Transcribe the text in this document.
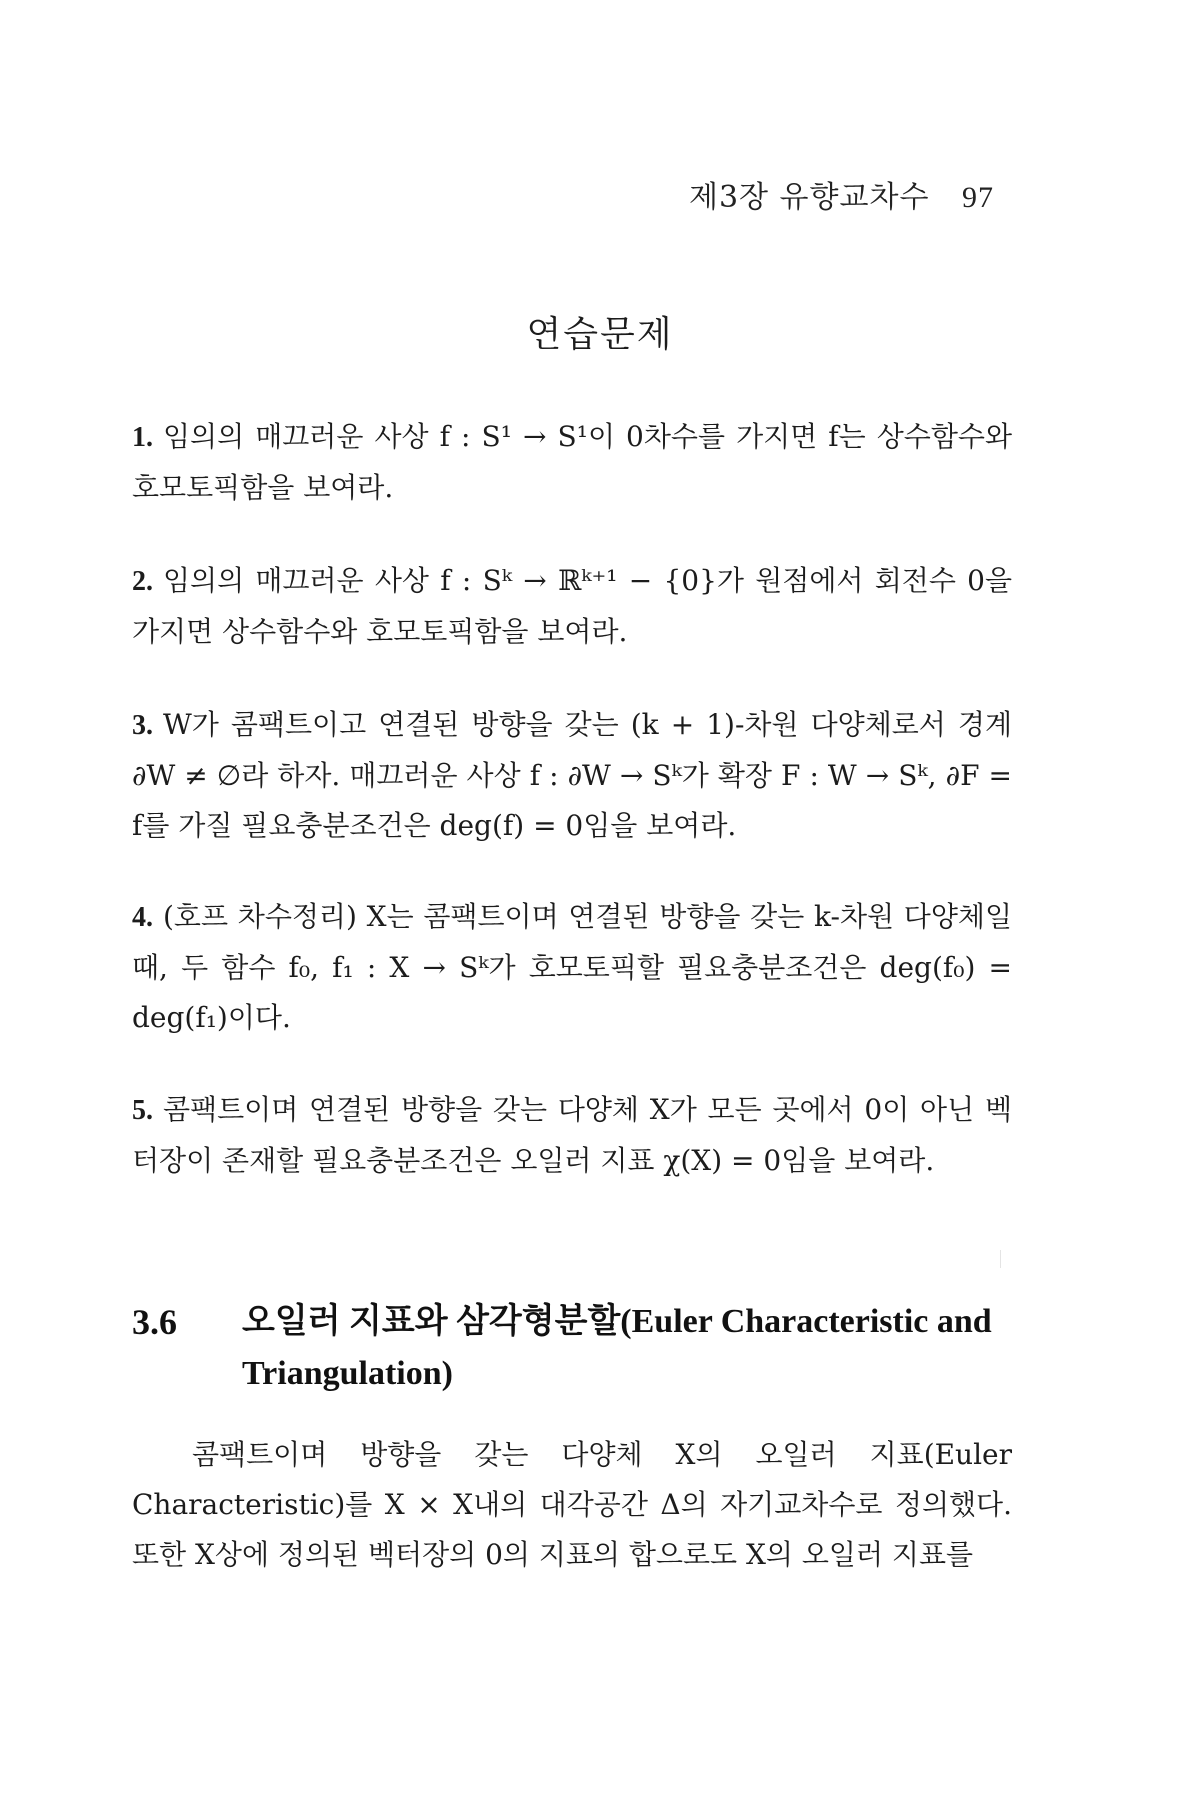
제3장 유향교차수 97
연습문제
1. 임의의 매끄러운 사상 f : S¹ → S¹이 0차수를 가지면 f는 상수함수와 호모토픽함을 보여라.
2. 임의의 매끄러운 사상 f : Sᵏ → ℝᵏ⁺¹ − {0}가 원점에서 회전수 0을 가지면 상수함수와 호모토픽함을 보여라.
3. W가 콤팩트이고 연결된 방향을 갖는 (k + 1)-차원 다양체로서 경계 ∂W ≠ ∅라 하자. 매끄러운 사상 f : ∂W → Sᵏ가 확장 F : W → Sᵏ, ∂F = f를 가질 필요충분조건은 deg(f) = 0임을 보여라.
4. (호프 차수정리) X는 콤팩트이며 연결된 방향을 갖는 k-차원 다양체일 때, 두 함수 f₀, f₁ : X → Sᵏ가 호모토픽할 필요충분조건은 deg(f₀) = deg(f₁)이다.
5. 콤팩트이며 연결된 방향을 갖는 다양체 X가 모든 곳에서 0이 아닌 벡터장이 존재할 필요충분조건은 오일러 지표 χ(X) = 0임을 보여라.
3.6 오일러 지표와 삼각형분할(Euler Characteristic and Triangulation)
콤팩트이며 방향을 갖는 다양체 X의 오일러 지표(Euler Characteristic)를 X × X내의 대각공간 Δ의 자기교차수로 정의했다. 또한 X상에 정의된 벡터장의 0의 지표의 합으로도 X의 오일러 지표를
